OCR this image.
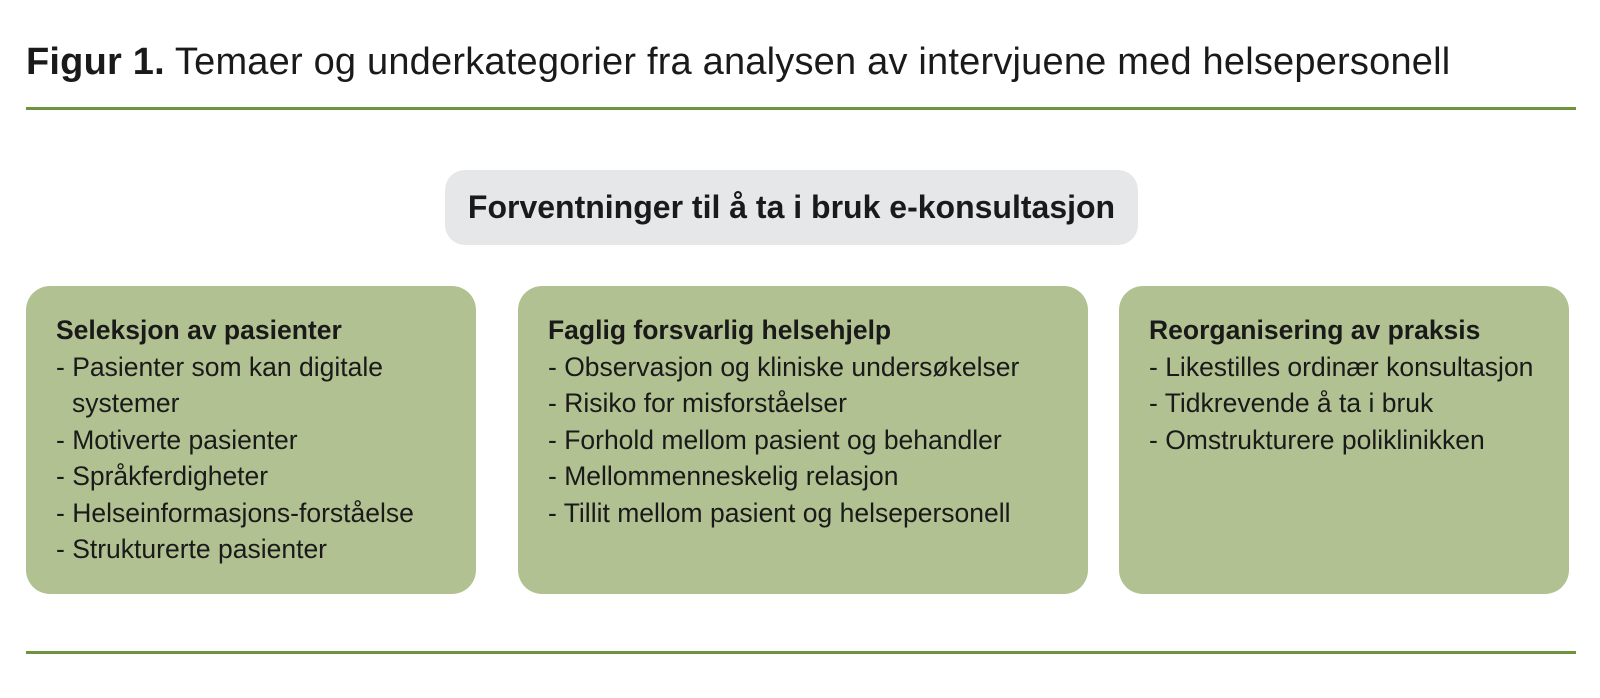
Figur 1. Temaer og underkategorier fra analysen av intervjuene med helsepersonell
Forventninger til å ta i bruk e-konsultasjon
Seleksjon av pasienter
- Pasienter som kan digitale systemer
- Motiverte pasienter
- Språkferdigheter
- Helseinformasjons-forståelse
- Strukturerte pasienter
Faglig forsvarlig helsehjelp
- Observasjon og kliniske undersøkelser
- Risiko for misforståelser
- Forhold mellom pasient og behandler
- Mellommenneskelig relasjon
- Tillit mellom pasient og helsepersonell
Reorganisering av praksis
- Likestilles ordinær konsultasjon
- Tidkrevende å ta i bruk
- Omstrukturere poliklinikken
